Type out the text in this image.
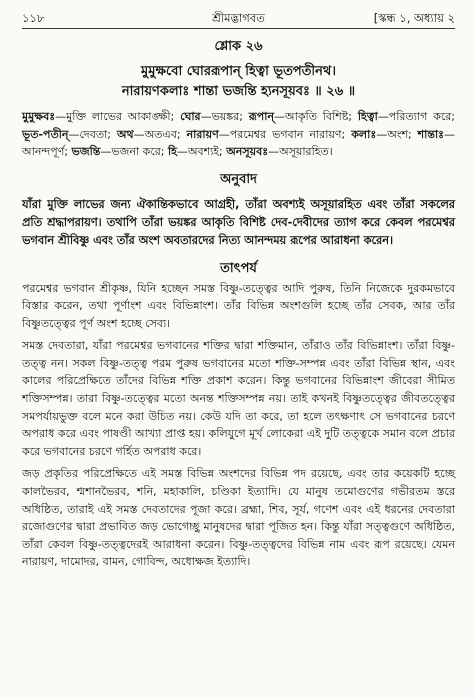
১১৮	শ্রীমদ্ভাগবত	[স্কন্ধ ১, অধ্যায় ২
শ্লোক ২৬
মুমুক্ষবো ঘোররূপান্ হিত্বা ভূতপতীনথ।
নারায়ণকলাঃ শান্তা ভজন্তি হ্যনসূয়বঃ ॥ ২৬ ॥
মুমুক্ষবঃ—মুক্তি লাভের আকাঙ্ক্ষী; ঘোর—ভয়ঙ্কর; রূপান্—আকৃতি বিশিষ্ট; হিত্বা—পরিত্যাগ করে; ভূত-পতীন্—দেবতা; অথ—অতএব; নারায়ণ—পরমেশ্বর ভগবান নারায়ণ; কলাঃ—অংশ; শান্তাঃ—আনন্দপূর্ণ; ভজন্তি—ভজনা করে; হি—অবশ্যই; অনসূয়বঃ—অসূয়ারহিত।
অনুবাদ
যাঁরা মুক্তি লাভের জন্য ঐকান্তিকভাবে আগ্রহী, তাঁরা অবশ্যই অসূয়ারহিত এবং তাঁরা সকলের প্রতি শ্রদ্ধাপরায়ণ। তথাপি তাঁরা ভয়ঙ্কর আকৃতি বিশিষ্ট দেব-দেবীদের ত্যাগ করে কেবল পরমেশ্বর ভগবান শ্রীবিষ্ণু এবং তাঁর অংশ অবতারদের নিত্য আনন্দময় রূপের আরাধনা করেন।
তাৎপর্য

পরমেশ্বর ভগবান শ্রীকৃষ্ণ, যিনি হচ্ছেন সমস্ত বিষ্ণু-তত্ত্বের আদি পুরুষ, তিনি নিজেকে দুরকমভাবে বিস্তার করেন, তথা পূর্ণাংশ এবং বিভিন্নাংশ। তাঁর বিভিন্ন অংশগুলি হচ্ছে তাঁর সেবক, আর তাঁর বিষ্ণুতত্ত্বের পূর্ণ অংশ হচ্ছে সেব্য।

সমস্ত দেবতারা, যাঁরা পরমেশ্বর ভগবানের শক্তির দ্বারা শক্তিমান, তাঁরাও তাঁর বিভিন্নাংশ। তাঁরা বিষ্ণু-তত্ত্ব নন। সকল বিষ্ণু-তত্ত্ব পরম পুরুষ ভগবানের মতো শক্তি-সম্পন্ন এবং তাঁরা বিভিন্ন স্থান, এবং কালের পরিপ্রেক্ষিতে তাঁদের বিভিন্ন শক্তি প্রকাশ করেন। কিন্তু ভগবানের বিভিন্নাংশ জীবেরা সীমিত শক্তিসম্পন্ন। তারা বিষ্ণু-তত্ত্বের মতো অনন্ত শক্তিসম্পন্ন নয়। তাই কখনই বিষ্ণুতত্ত্বের জীবতত্ত্বের সমপর্যায়ভুক্ত বলে মনে করা উচিত নয়। কেউ যদি তা করে, তা হলে তৎক্ষণাৎ সে ভগবানের চরণে অপরাধ করে এবং পাষণ্ডী আখ্যা প্রাপ্ত হয়। কলিযুগে মূর্খ লোকেরা এই দুটি তত্ত্বকে সমান বলে প্রচার করে ভগবানের চরণে গর্হিত অপরাধ করে।

জড় প্রকৃতির পরিপ্রেক্ষিতে এই সমস্ত বিভিন্ন অংশদের বিভিন্ন পদ রয়েছে, এবং তার কয়েকটি হচ্ছে কালভৈরব, শ্মশানভৈরব, শনি, মহাকালি, চণ্ডিকা ইত্যাদি। যে মানুষ তমোগুণের গভীরতম স্তরে অধিষ্ঠিত, তারাই এই সমস্ত দেবতাদের পূজা করে। ব্রহ্মা, শিব, সূর্য, গণেশ এবং এই ধরনের দেবতারা রজোগুণের দ্বারা প্রভাবিত জড় ভোগেচ্ছু মানুষদের দ্বারা পূজিত হন। কিন্তু যাঁরা সত্ত্বগুণে অধিষ্ঠিত, তাঁরা কেবল বিষ্ণু-তত্ত্বদেরই আরাধনা করেন। বিষ্ণু-তত্ত্বদের বিভিন্ন নাম এবং রূপ রয়েছে। যেমন নারায়ণ, দামোদর, বামন, গোবিন্দ, অধোক্ষজ ইত্যাদি।
